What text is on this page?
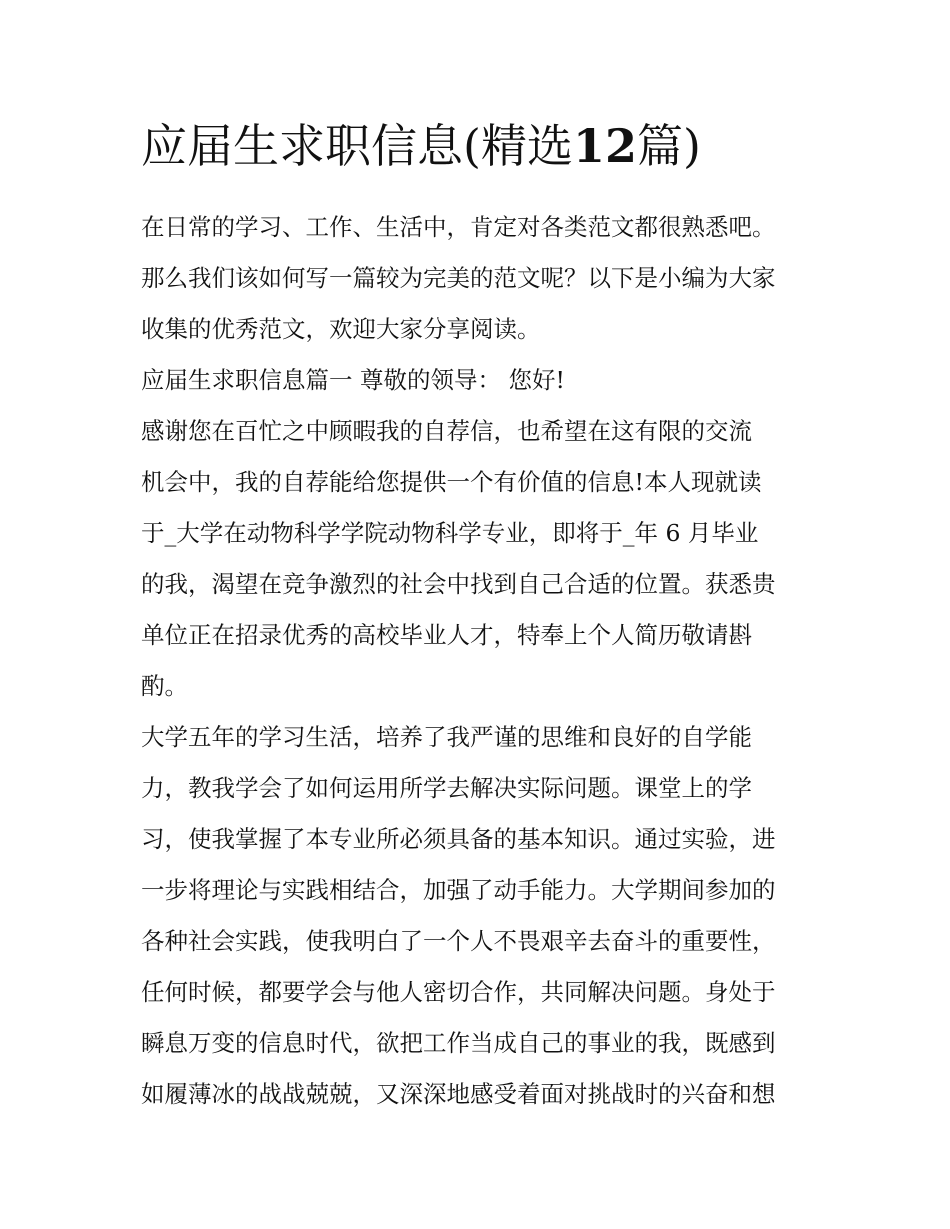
应届生求职信息(精选12篇)

在日常的学习、工作、生活中，肯定对各类范文都很熟悉吧。
那么我们该如何写一篇较为完美的范文呢？以下是小编为大家
收集的优秀范文，欢迎大家分享阅读。

应届生求职信息篇一 尊敬的领导： 您好!

感谢您在百忙之中顾暇我的自荐信，也希望在这有限的交流
机会中，我的自荐能给您提供一个有价值的信息!本人现就读
于_大学在动物科学学院动物科学专业，即将于_年 6 月毕业
的我，渴望在竞争激烈的社会中找到自己合适的位置。获悉贵
单位正在招录优秀的高校毕业人才，特奉上个人简历敬请斟
酌。

大学五年的学习生活，培养了我严谨的思维和良好的自学能
力，教我学会了如何运用所学去解决实际问题。课堂上的学
习，使我掌握了本专业所必须具备的基本知识。通过实验，进
一步将理论与实践相结合，加强了动手能力。大学期间参加的
各种社会实践，使我明白了一个人不畏艰辛去奋斗的重要性，
任何时候，都要学会与他人密切合作，共同解决问题。身处于
瞬息万变的信息时代，欲把工作当成自己的事业的我，既感到
如履薄冰的战战兢兢，又深深地感受着面对挑战时的兴奋和想
